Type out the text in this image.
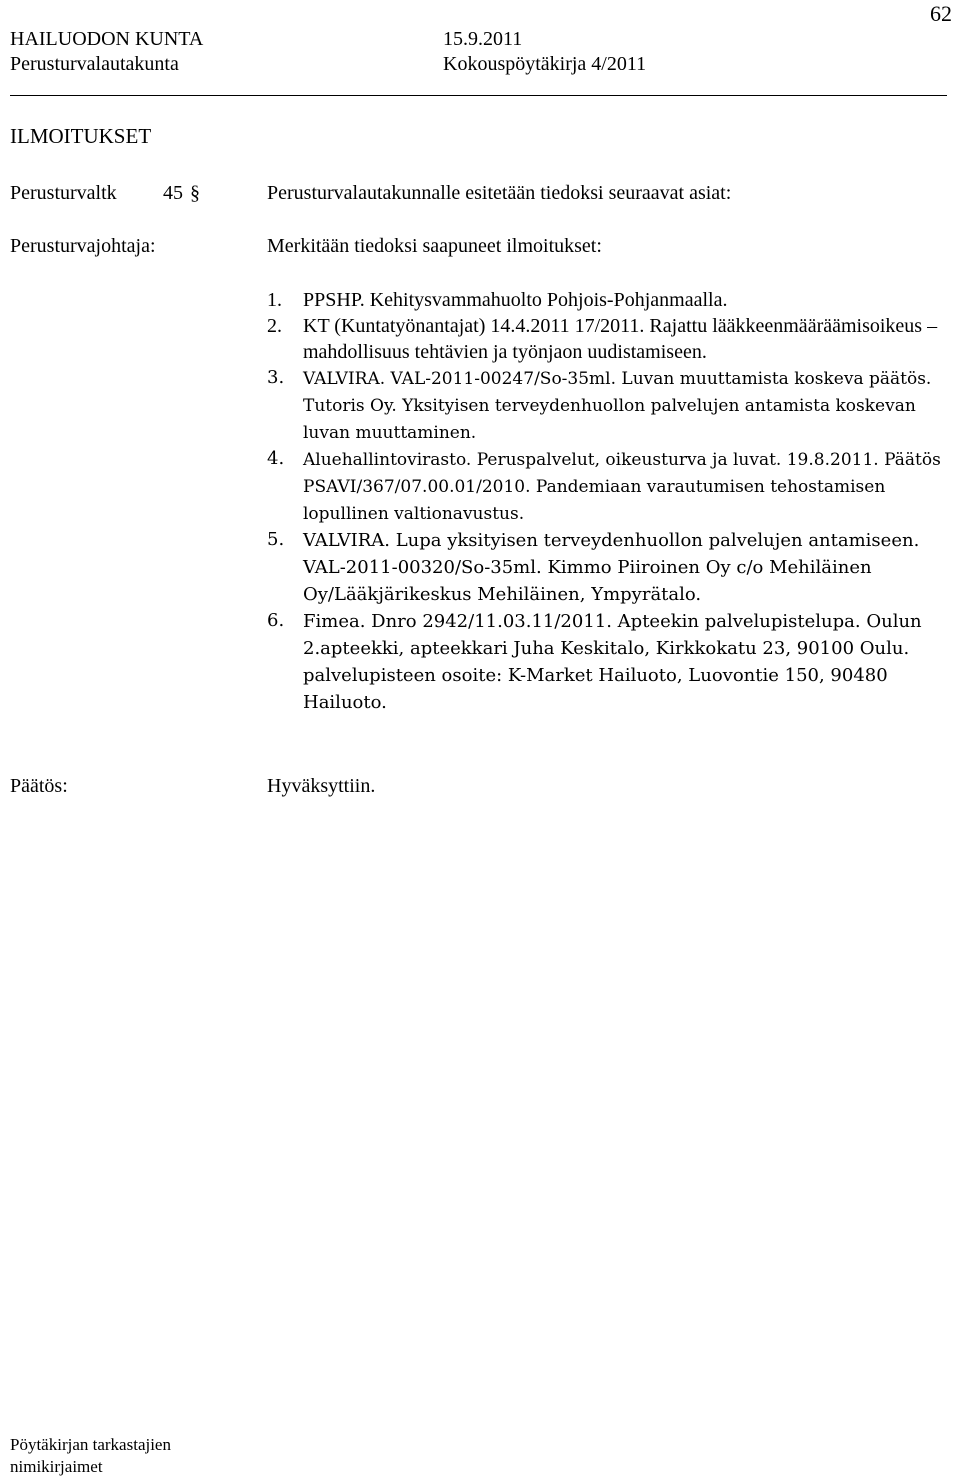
62
HAILUODON KUNTA	15.9.2011
Perusturvalautakunta	Kokouspöytäkirja 4/2011
ILMOITUKSET
Perusturvaltk 45 §	Perusturvalautakunnalle esitetään tiedoksi seuraavat asiat:
Perusturvajohtaja:	Merkitään tiedoksi saapuneet ilmoitukset:
1. PPSHP. Kehitysvammahuolto Pohjois-Pohjanmaalla.
2. KT (Kuntatyönantajat) 14.4.2011 17/2011. Rajattu lääkkeenmääräämisoikeus – mahdollisuus tehtävien ja työnjaon uudistamiseen.
3. VALVIRA. VAL-2011-00247/So-35ml. Luvan muuttamista koskeva päätös. Tutoris Oy. Yksityisen terveydenhuollon palvelujen antamista koskevan luvan muuttaminen.
4. Aluehallintovirasto. Peruspalvelut, oikeusturva ja luvat. 19.8.2011. Päätös PSAVI/367/07.00.01/2010. Pandemiaan varautumisen tehostamisen lopullinen valtionavustus.
5. VALVIRA. Lupa yksityisen terveydenhuollon palvelujen antamiseen. VAL-2011-00320/So-35ml. Kimmo Piiroinen Oy c/o Mehiläinen Oy/Lääkjärikeskus Mehiläinen, Ympyrätalo.
6. Fimea. Dnro 2942/11.03.11/2011. Apteekin palvelupistelupa. Oulun 2.apteekki, apteekkari Juha Keskitalo, Kirkkokatu 23, 90100 Oulu. palvelupisteen osoite: K-Market Hailuoto, Luovontie 150, 90480 Hailuoto.
Päätös:	Hyväksyttiin.
Pöytäkirjan tarkastajien nimikirjaimet
